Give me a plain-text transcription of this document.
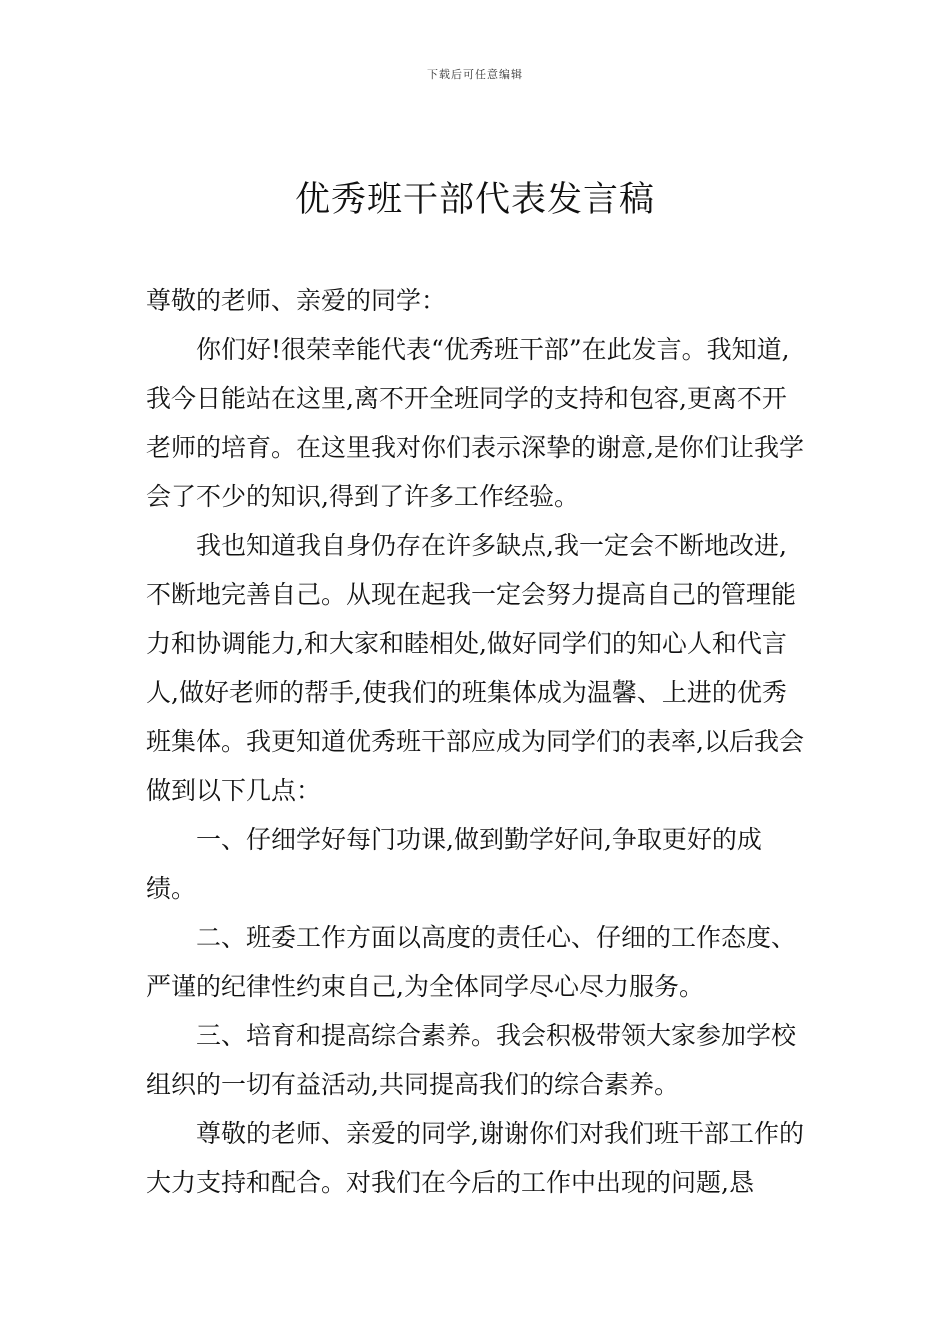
下载后可任意编辑
优秀班干部代表发言稿

尊敬的老师、亲爱的同学：

你们好!很荣幸能代表“优秀班干部”在此发言。我知道,我今日能站在这里,离不开全班同学的支持和包容,更离不开老师的培育。在这里我对你们表示深挚的谢意,是你们让我学会了不少的知识,得到了许多工作经验。

我也知道我自身仍存在许多缺点,我一定会不断地改进,不断地完善自己。从现在起我一定会努力提高自己的管理能力和协调能力,和大家和睦相处,做好同学们的知心人和代言人,做好老师的帮手,使我们的班集体成为温馨、上进的优秀班集体。我更知道优秀班干部应成为同学们的表率,以后我会做到以下几点：

一、仔细学好每门功课,做到勤学好问,争取更好的成绩。

二、班委工作方面以高度的责任心、仔细的工作态度、严谨的纪律性约束自己,为全体同学尽心尽力服务。

三、培育和提高综合素养。我会积极带领大家参加学校组织的一切有益活动,共同提高我们的综合素养。

尊敬的老师、亲爱的同学,谢谢你们对我们班干部工作的大力支持和配合。对我们在今后的工作中出现的问题,恳
